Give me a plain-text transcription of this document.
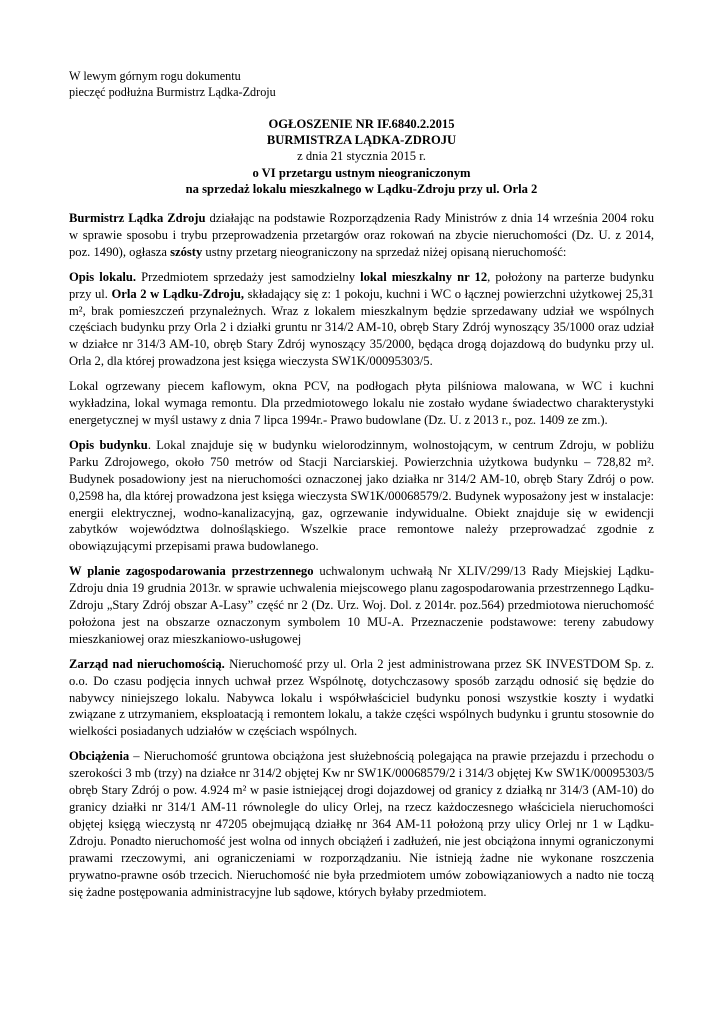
W lewym górnym rogu dokumentu
pieczęć podłużna Burmistrz Lądka-Zdroju
OGŁOSZENIE NR IF.6840.2.2015
BURMISTRZA LĄDKA-ZDROJU
z dnia 21 stycznia 2015 r.
o VI przetargu ustnym nieograniczonym
na sprzedaż lokalu mieszkalnego w Lądku-Zdroju przy ul. Orla 2

Burmistrz Lądka Zdroju działając na podstawie Rozporządzenia Rady Ministrów z dnia 14 września 2004 roku w sprawie sposobu i trybu przeprowadzenia przetargów oraz rokowań na zbycie nieruchomości (Dz. U. z 2014, poz. 1490), ogłasza szósty ustny przetarg nieograniczony na sprzedaż niżej opisaną nieruchomość:

Opis lokalu. Przedmiotem sprzedaży jest samodzielny lokal mieszkalny nr 12, położony na parterze budynku przy ul. Orla 2 w Lądku-Zdroju, składający się z: 1 pokoju, kuchni i WC o łącznej powierzchni użytkowej 25,31 m², brak pomieszczeń przynależnych. Wraz z lokalem mieszkalnym będzie sprzedawany udział we wspólnych częściach budynku przy Orla 2 i działki gruntu nr 314/2 AM-10, obręb Stary Zdrój wynoszący 35/1000 oraz udział w działce nr 314/3 AM-10, obręb Stary Zdrój wynoszący 35/2000, będąca drogą dojazdową do budynku przy ul. Orla 2, dla której prowadzona jest księga wieczysta SW1K/00095303/5.

Lokal ogrzewany piecem kaflowym, okna PCV, na podłogach płyta pilśniowa malowana, w WC i kuchni wykładzina, lokal wymaga remontu. Dla przedmiotowego lokalu nie zostało wydane świadectwo charakterystyki energetycznej w myśl ustawy z dnia 7 lipca 1994r.- Prawo budowlane (Dz. U. z 2013 r., poz. 1409 ze zm.).

Opis budynku. Lokal znajduje się w budynku wielorodzinnym, wolnostojącym, w centrum Zdroju, w pobliżu Parku Zdrojowego, około 750 metrów od Stacji Narciarskiej. Powierzchnia użytkowa budynku – 728,82 m². Budynek posadowiony jest na nieruchomości oznaczonej jako działka nr 314/2 AM-10, obręb Stary Zdrój o pow. 0,2598 ha, dla której prowadzona jest księga wieczysta SW1K/00068579/2. Budynek wyposażony jest w instalacje: energii elektrycznej, wodno-kanalizacyjną, gaz, ogrzewanie indywidualne. Obiekt znajduje się w ewidencji zabytków województwa dolnośląskiego. Wszelkie prace remontowe należy przeprowadzać zgodnie z obowiązującymi przepisami prawa budowlanego.

W planie zagospodarowania przestrzennego uchwalonym uchwałą Nr XLIV/299/13 Rady Miejskiej Lądku-Zdroju dnia 19 grudnia 2013r. w sprawie uchwalenia miejscowego planu zagospodarowania przestrzennego Lądku-Zdroju „Stary Zdrój obszar A-Lasy” część nr 2 (Dz. Urz. Woj. Dol. z 2014r. poz.564) przedmiotowa nieruchomość położona jest na obszarze oznaczonym symbolem 10 MU-A. Przeznaczenie podstawowe: tereny zabudowy mieszkaniowej oraz mieszkaniowo-usługowej

Zarząd nad nieruchomością. Nieruchomość przy ul. Orla 2 jest administrowana przez SK INVESTDOM Sp. z. o.o. Do czasu podjęcia innych uchwał przez Wspólnotę, dotychczasowy sposób zarządu odnosić się będzie do nabywcy niniejszego lokalu. Nabywca lokalu i współwłaściciel budynku ponosi wszystkie koszty i wydatki związane z utrzymaniem, eksploatacją i remontem lokalu, a także części wspólnych budynku i gruntu stosownie do wielkości posiadanych udziałów w częściach wspólnych.

Obciążenia – Nieruchomość gruntowa obciążona jest służebnością polegająca na prawie przejazdu i przechodu o szerokości 3 mb (trzy) na działce nr 314/2 objętej Kw nr SW1K/00068579/2 i 314/3 objętej Kw SW1K/00095303/5 obręb Stary Zdrój o pow. 4.924 m² w pasie istniejącej drogi dojazdowej od granicy z działką nr 314/3 (AM-10) do granicy działki nr 314/1 AM-11 równolegle do ulicy Orlej, na rzecz każdoczesnego właściciela nieruchomości objętej księgą wieczystą nr 47205 obejmującą działkę nr 364 AM-11 położoną przy ulicy Orlej nr 1 w Lądku-Zdroju. Ponadto nieruchomość jest wolna od innych obciążeń i zadłużeń, nie jest obciążona innymi ograniczonymi prawami rzeczowymi, ani ograniczeniami w rozporządzaniu. Nie istnieją żadne nie wykonane roszczenia prywatno-prawne osób trzecich. Nieruchomość nie była przedmiotem umów zobowiązaniowych a nadto nie toczą się żadne postępowania administracyjne lub sądowe, których byłaby przedmiotem.
